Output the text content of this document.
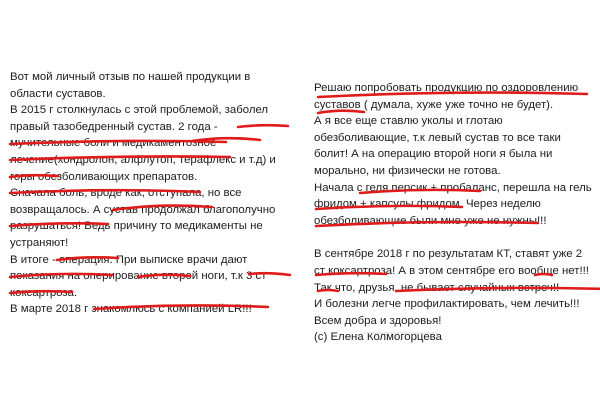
Вот мой личный отзыв по нашей продукции в

области суставов.

В 2015 г столкнулась с этой проблемой, заболел

правый тазобедренный сустав. 2 года -

мучительные боли и медикаментозное

лечение(хондролон, алфлутоп, терафлекс и т.д) и

горы обезболивающих препаратов.

Сначала боль, вроде как, отступала, но все

возвращалось. А сустав продолжал благополучно

разрушаться! Ведь причину то медикаменты не

устраняют!

В итоге - операция. При выписке врачи дают

показания на оперирование второй ноги, т.к 3 ст

коксартроза.

В марте 2018 г знакомлюсь с компанией LR!!!

Решаю попробовать продукцию по оздоровлению

суставов ( думала, хуже уже точно не будет).

А я все еще ставлю уколы и глотаю

обезболивающие, т.к левый сустав то все таки

болит! А на операцию второй ноги я была ни

морально, ни физически не готова.

Начала с геля персик + пробаланс, перешла на гель

фридом + капсулы фридом. Через неделю

обезболивающие были мне уже не нужны!!!

В сентябре 2018 г по результатам КТ, ставят уже 2

ст коксартроза! А в этом сентябре его вообще нет!!!

Так что, друзья, не бывает случайных встреч!!

И болезни легче профилактировать, чем лечить!!!

Всем добра и здоровья!

(с) Елена Колмогорцева
